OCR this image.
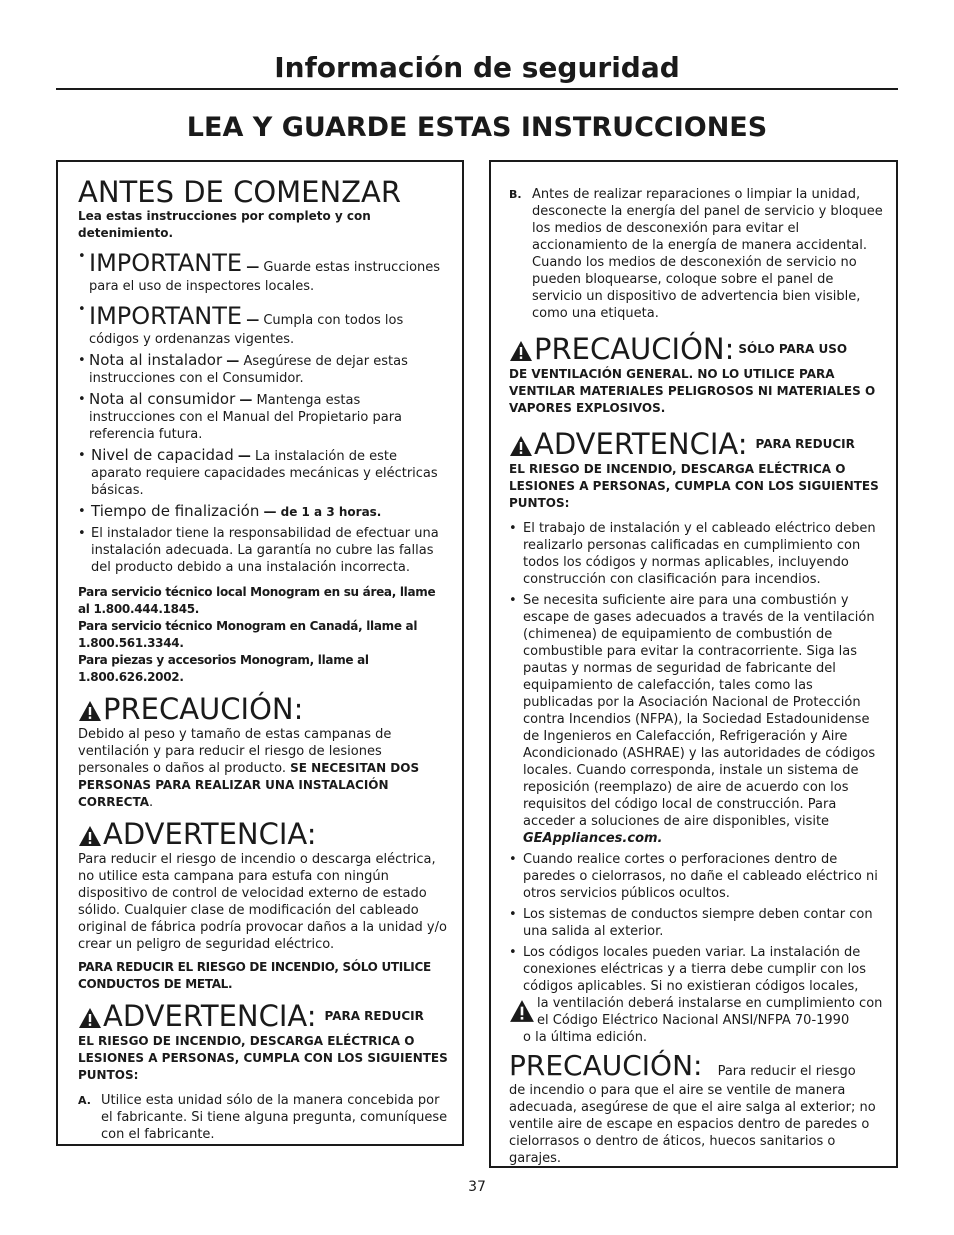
Información de seguridad
LEA Y GUARDE ESTAS INSTRUCCIONES
ANTES DE COMENZAR
Lea estas instrucciones por completo y con detenimiento.
• IMPORTANTE — Guarde estas instrucciones para el uso de inspectores locales.
• IMPORTANTE — Cumpla con todos los códigos y ordenanzas vigentes.
• Nota al instalador — Asegúrese de dejar estas instrucciones con el Consumidor.
• Nota al consumidor — Mantenga estas instrucciones con el Manual del Propietario para referencia futura.
• Nivel de capacidad — La instalación de este aparato requiere capacidades mecánicas y eléctricas básicas.
• Tiempo de finalización — de 1 a 3 horas.
• El instalador tiene la responsabilidad de efectuar una instalación adecuada. La garantía no cubre las fallas del producto debido a una instalación incorrecta.
Para servicio técnico local Monogram en su área, llame al 1.800.444.1845.
Para servicio técnico Monogram en Canadá, llame al 1.800.561.3344.
Para piezas y accesorios Monogram, llame al 1.800.626.2002.
PRECAUCIÓN:

Debido al peso y tamaño de estas campanas de ventilación y para reducir el riesgo de lesiones personales o daños al producto. SE NECESITAN DOS PERSONAS PARA REALIZAR UNA INSTALACIÓN CORRECTA.

ADVERTENCIA:

Para reducir el riesgo de incendio o descarga eléctrica, no utilice esta campana para estufa con ningún dispositivo de control de velocidad externo de estado sólido. Cualquier clase de modificación del cableado original de fábrica podría provocar daños a la unidad y/o crear un peligro de seguridad eléctrico.

PARA REDUCIR EL RIESGO DE INCENDIO, SÓLO UTILICE CONDUCTOS DE METAL.
ADVERTENCIA: PARA REDUCIR
EL RIESGO DE INCENDIO, DESCARGA ELÉCTRICA O LESIONES A PERSONAS, CUMPLA CON LOS SIGUIENTES PUNTOS:
A. Utilice esta unidad sólo de la manera concebida por el fabricante. Si tiene alguna pregunta, comuníquese con el fabricante.
B. Antes de realizar reparaciones o limpiar la unidad, desconecte la energía del panel de servicio y bloquee los medios de desconexión para evitar el accionamiento de la energía de manera accidental. Cuando los medios de desconexión de servicio no pueden bloquearse, coloque sobre el panel de servicio un dispositivo de advertencia bien visible, como una etiqueta.
PRECAUCIÓN: SÓLO PARA USO
DE VENTILACIÓN GENERAL. NO LO UTILICE PARA VENTILAR MATERIALES PELIGROSOS NI MATERIALES O VAPORES EXPLOSIVOS.
ADVERTENCIA: PARA REDUCIR
EL RIESGO DE INCENDIO, DESCARGA ELÉCTRICA O LESIONES A PERSONAS, CUMPLA CON LOS SIGUIENTES PUNTOS:
• El trabajo de instalación y el cableado eléctrico deben realizarlo personas calificadas en cumplimiento con todos los códigos y normas aplicables, incluyendo construcción con clasificación para incendios.
• Se necesita suficiente aire para una combustión y escape de gases adecuados a través de la ventilación (chimenea) de equipamiento de combustión de combustible para evitar la contracorriente. Siga las pautas y normas de seguridad de fabricante del equipamiento de calefacción, tales como las publicadas por la Asociación Nacional de Protección contra Incendios (NFPA), la Sociedad Estadounidense de Ingenieros en Calefacción, Refrigeración y Aire Acondicionado (ASHRAE) y las autoridades de códigos locales. Cuando corresponda, instale un sistema de reposición (reemplazo) de aire de acuerdo con los requisitos del código local de construcción. Para acceder a soluciones de aire disponibles, visite GEAppliances.com.
• Cuando realice cortes o perforaciones dentro de paredes o cielorrasos, no dañe el cableado eléctrico ni otros servicios públicos ocultos.
• Los sistemas de conductos siempre deben contar con una salida al exterior.
• Los códigos locales pueden variar. La instalación de conexiones eléctricas y a tierra debe cumplir con los códigos aplicables. Si no existieran códigos locales,
la ventilación deberá instalarse en cumplimiento con el Código Eléctrico Nacional ANSI/NFPA 70-1990
o la última edición.
PRECAUCIÓN: Para reducir el riesgo

de incendio o para que el aire se ventile de manera adecuada, asegúrese de que el aire salga al exterior; no ventile aire de escape en espacios dentro de paredes o cielorrasos o dentro de áticos, huecos sanitarios o garajes.

37
